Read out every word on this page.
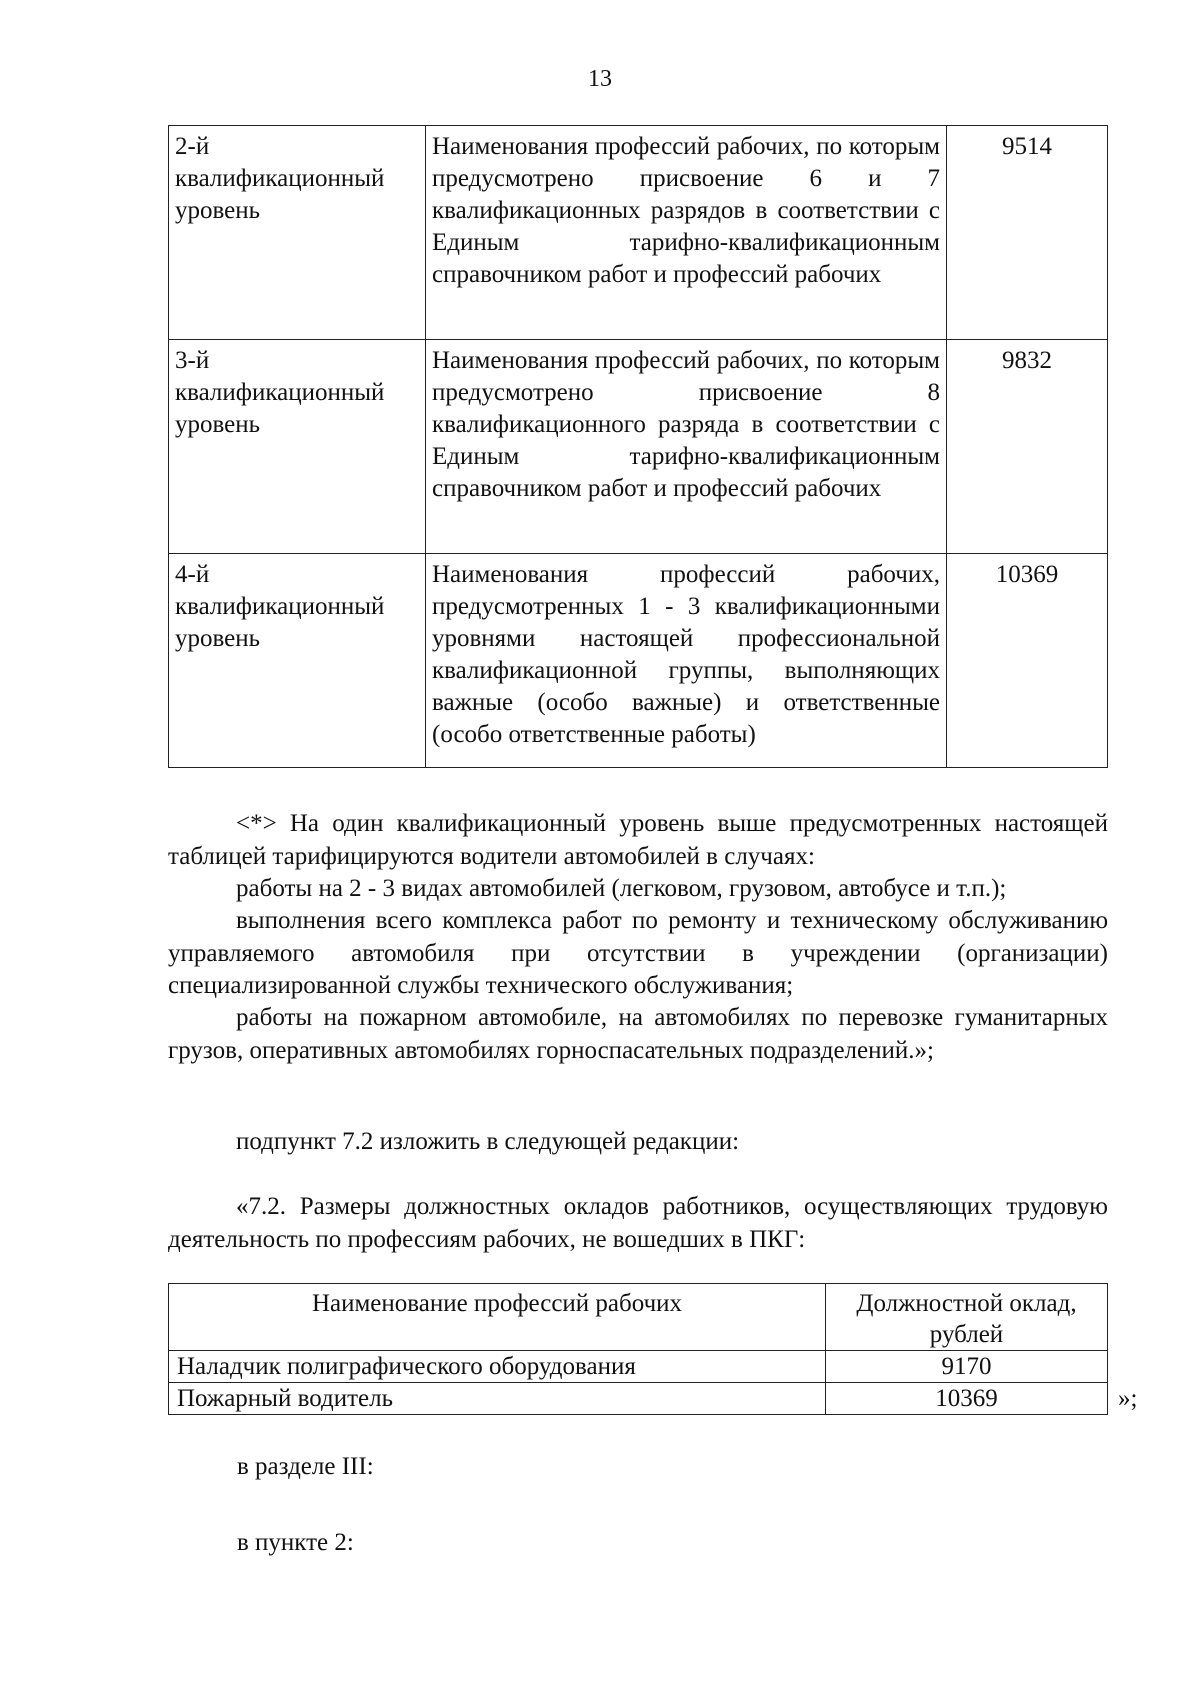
13
2-й квалификационный уровень	Наименования профессий рабочих, по которым предусмотрено присвоение 6 и 7 квалификационных разрядов в соответствии с Единым тарифно-квалификационным справочником работ и профессий рабочих	9514
3-й квалификационный уровень	Наименования профессий рабочих, по которым предусмотрено присвоение 8 квалификационного разряда в соответствии с Единым тарифно-квалификационным справочником работ и профессий рабочих	9832
4-й квалификационный уровень	Наименования профессий рабочих, предусмотренных 1 - 3 квалификационными уровнями настоящей профессиональной квалификационной группы, выполняющих важные (особо важные) и ответственные (особо ответственные работы)	10369

<*> На один квалификационный уровень выше предусмотренных настоящей таблицей тарифицируются водители автомобилей в случаях:

работы на 2 - 3 видах автомобилей (легковом, грузовом, автобусе и т.п.);

выполнения всего комплекса работ по ремонту и техническому обслуживанию управляемого автомобиля при отсутствии в учреждении (организации) специализированной службы технического обслуживания;

работы на пожарном автомобиле, на автомобилях по перевозке гуманитарных грузов, оперативных автомобилях горноспасательных подразделений.»;

подпункт 7.2 изложить в следующей редакции:

«7.2. Размеры должностных окладов работников, осуществляющих трудовую деятельность по профессиям рабочих, не вошедших в ПКГ:

Наименование профессий рабочих	Должностной оклад, рублей
Наладчик полиграфического оборудования	9170
Пожарный водитель	10369	»;
в разделе III:
в пункте 2:
